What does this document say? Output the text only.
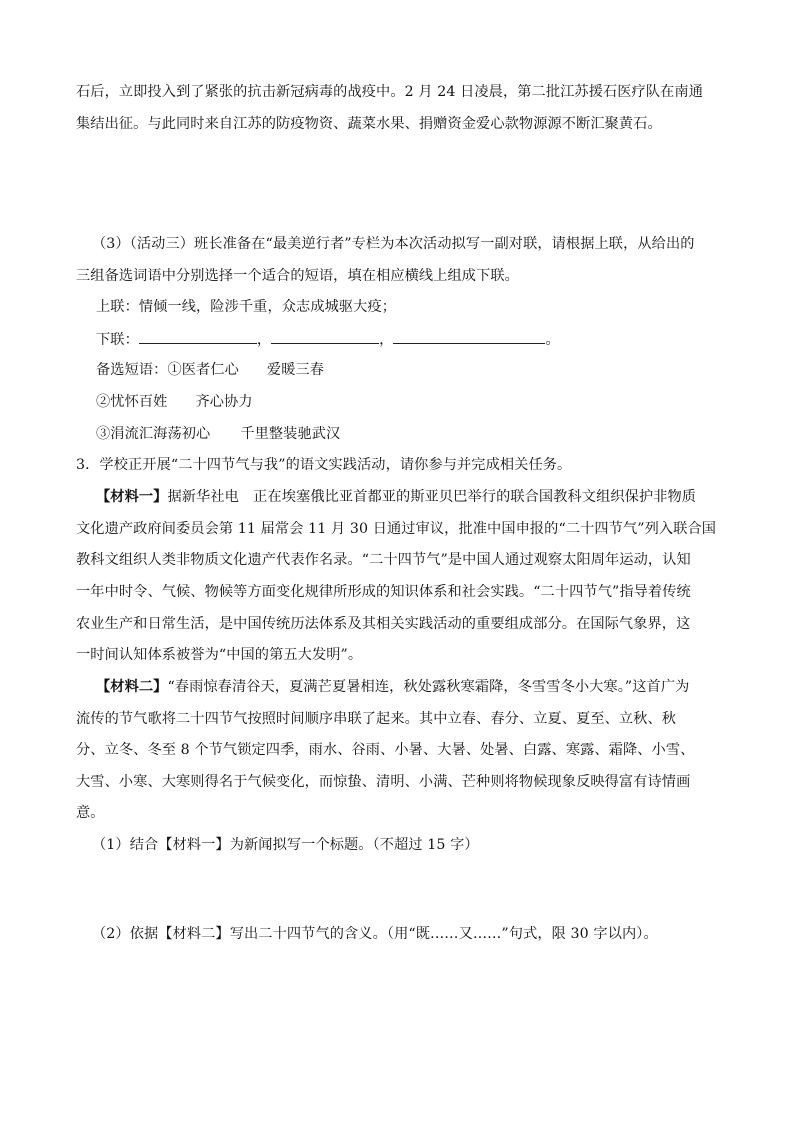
石后，立即投入到了紧张的抗击新冠病毒的战疫中。2 月 24 日凌晨，第二批江苏援石医疗队在南通
集结出征。与此同时来自江苏的防疫物资、蔬菜水果、捐赠资金爱心款物源源不断汇聚黄石。
（3）（活动三）班长准备在“最美逆行者”专栏为本次活动拟写一副对联，请根据上联，从给出的
三组备选词语中分别选择一个适合的短语，填在相应横线上组成下联。
上联：情倾一线，险涉千重，众志成城驱大疫；
下联：	，	，	。
备选短语：①医者仁心 爱暖三春
②忧怀百姓 齐心协力
③涓流汇海荡初心 千里整装驰武汉
3．学校正开展“二十四节气与我”的语文实践活动，请你参与并完成相关任务。
【材料一】据新华社电　正在埃塞俄比亚首都亚的斯亚贝巴举行的联合国教科文组织保护非物质
文化遗产政府间委员会第 11 届常会 11 月 30 日通过审议，批准中国申报的“二十四节气”列入联合国
教科文组织人类非物质文化遗产代表作名录。“二十四节气”是中国人通过观察太阳周年运动，认知
一年中时令、气候、物候等方面变化规律所形成的知识体系和社会实践。“二十四节气”指导着传统
农业生产和日常生活，是中国传统历法体系及其相关实践活动的重要组成部分。在国际气象界，这
一时间认知体系被誉为“中国的第五大发明”。
【材料二】“春雨惊春清谷天，夏满芒夏暑相连，秋处露秋寒霜降，冬雪雪冬小大寒。”这首广为
流传的节气歌将二十四节气按照时间顺序串联了起来。其中立春、春分、立夏、夏至、立秋、秋
分、立冬、冬至 8 个节气锁定四季，雨水、谷雨、小暑、大暑、处暑、白露、寒露、霜降、小雪、
大雪、小寒、大寒则得名于气候变化，而惊蛰、清明、小满、芒种则将物候现象反映得富有诗情画
意。
（1）结合【材料一】为新闻拟写一个标题。（不超过 15 字）
（2）依据【材料二】写出二十四节气的含义。（用“既……又……”句式，限 30 字以内）。
